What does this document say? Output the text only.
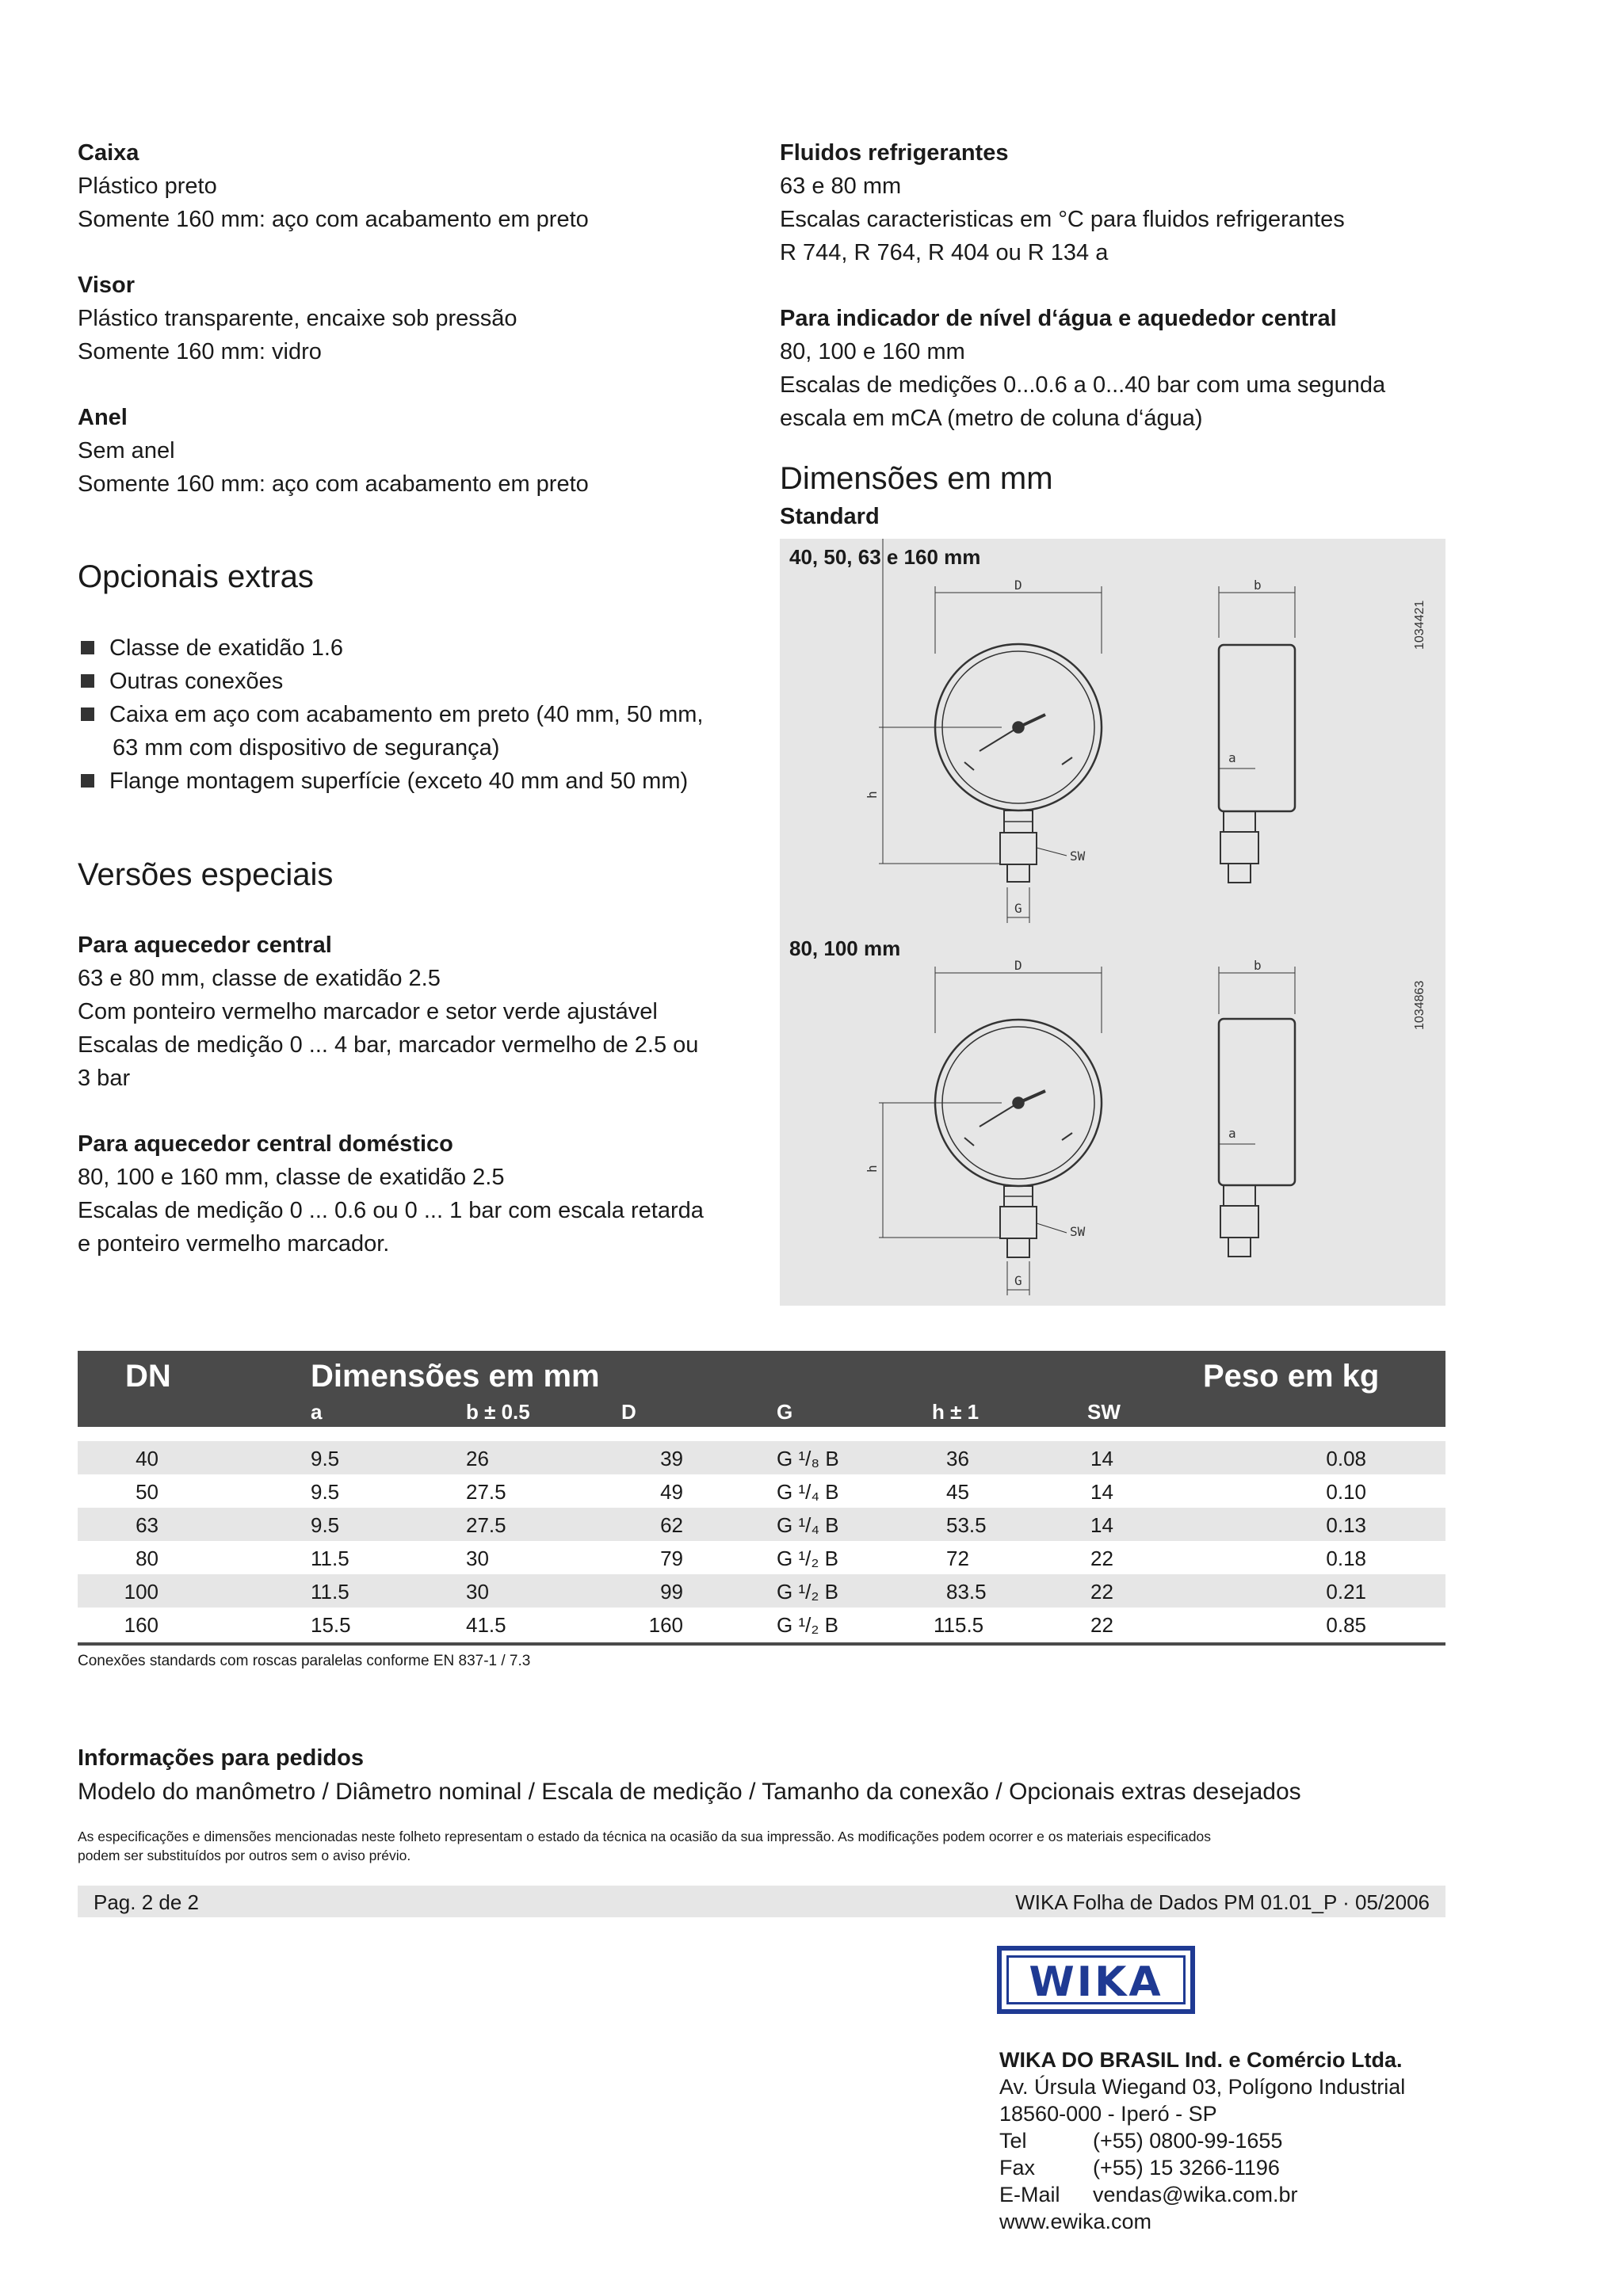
Caixa
Plástico preto
Somente 160 mm: aço com acabamento em preto
Visor
Plástico transparente, encaixe sob pressão
Somente 160 mm: vidro
Anel
Sem anel
Somente 160 mm: aço com acabamento em preto
Opcionais extras
Classe de exatidão 1.6
Outras conexões
Caixa em aço com acabamento em preto (40 mm, 50 mm,
63 mm com dispositivo de segurança)
Flange montagem superfície (exceto 40 mm and 50 mm)
Versões especiais
Para aquecedor central
63 e 80 mm, classe de exatidão 2.5
Com ponteiro vermelho marcador e setor verde ajustável
Escalas de medição 0 ... 4 bar, marcador vermelho de 2.5 ou
3 bar
Para aquecedor central doméstico
80, 100 e 160 mm, classe de exatidão 2.5
Escalas de medição 0 ... 0.6 ou 0 ... 1 bar com escala retarda
e ponteiro vermelho marcador.
Fluidos refrigerantes
63 e 80 mm
Escalas caracteristicas em °C para fluidos refrigerantes
R 744, R 764, R 404 ou R 134 a
Para indicador de nível d‘água e aquededor central
80, 100 e 160 mm
Escalas de medições 0...0.6 a 0...40 bar com uma segunda
escala em mCA (metro de coluna d‘água)
Dimensões em mm
Standard
40, 50, 63 e 160 mm
80, 100 mm
D	b
a
h
SW
G
1034421
D	b
a
h
SW
G
1034863
DN	Dimensões em mm	Peso em kg
a	b ± 0.5	D	G	h ± 1	SW
40	9.5	26	39	G ¹/₈ B	36	14	0.08
50	9.5	27.5	49	G ¹/₄ B	45	14	0.10
63	9.5	27.5	62	G ¹/₄ B	53.5	14	0.13
80	11.5	30	79	G ¹/₂ B	72	22	0.18
100	11.5	30	99	G ¹/₂ B	83.5	22	0.21
160	15.5	41.5	160	G ¹/₂ B	115.5	22	0.85
Conexões standards com roscas paralelas conforme EN 837-1 / 7.3
Informações para pedidos
Modelo do manômetro / Diâmetro nominal / Escala de medição / Tamanho da conexão / Opcionais extras desejados
As especificações e dimensões mencionadas neste folheto representam o estado da técnica na ocasião da sua impressão. As modificações podem ocorrer e os materiais especificados
podem ser substituídos por outros sem o aviso prévio.
Pag. 2 de 2	WIKA Folha de Dados PM 01.01_P · 05/2006
WIKA
WIKA DO BRASIL Ind. e Comércio Ltda.
Av. Úrsula Wiegand 03, Polígono Industrial
18560-000 - Iperó - SP
Tel	(+55) 0800-99-1655
Fax	(+55) 15 3266-1196
E-Mail vendas@wika.com.br
www.ewika.com
